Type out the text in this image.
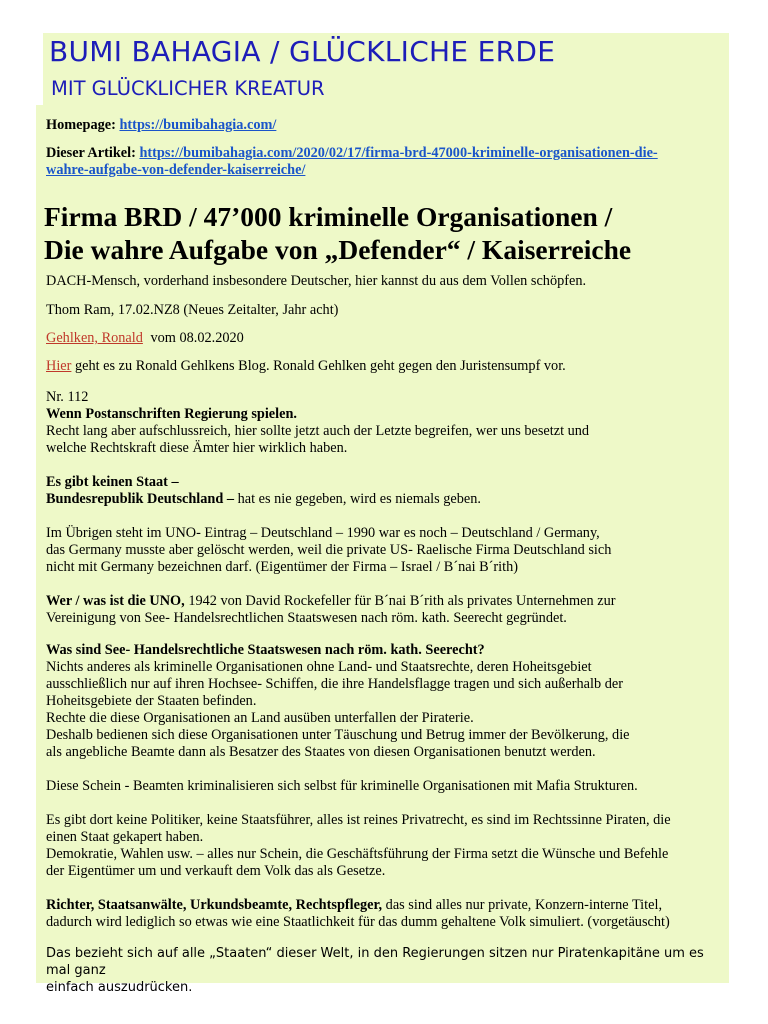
BUMI BAHAGIA / GLÜCKLICHE ERDE
MIT GLÜCKLICHER KREATUR

Homepage: https://bumibahagia.com/

Dieser Artikel: https://bumibahagia.com/2020/02/17/firma-brd-47000-kriminelle-organisationen-die-
wahre-aufgabe-von-defender-kaiserreiche/

Firma BRD / 47’000 kriminelle Organisationen /
Die wahre Aufgabe von „Defender“ / Kaiserreiche

DACH-Mensch, vorderhand insbesondere Deutscher, hier kannst du aus dem Vollen schöpfen.

Thom Ram, 17.02.NZ8 (Neues Zeitalter, Jahr acht)

Gehlken, Ronald vom 08.02.2020

Hier geht es zu Ronald Gehlkens Blog. Ronald Gehlken geht gegen den Juristensumpf vor.

Nr. 112

Wenn Postanschriften Regierung spielen.

Recht lang aber aufschlussreich, hier sollte jetzt auch der Letzte begreifen, wer uns besetzt und
welche Rechtskraft diese Ämter hier wirklich haben.

Es gibt keinen Staat –

Bundesrepublik Deutschland – hat es nie gegeben, wird es niemals geben.

Im Übrigen steht im UNO- Eintrag – Deutschland – 1990 war es noch – Deutschland / Germany,
das Germany musste aber gelöscht werden, weil die private US- Raelische Firma Deutschland sich
nicht mit Germany bezeichnen darf. (Eigentümer der Firma – Israel / B´nai B´rith)

Wer / was ist die UNO, 1942 von David Rockefeller für B´nai B´rith als privates Unternehmen zur
Vereinigung von See- Handelsrechtlichen Staatswesen nach röm. kath. Seerecht gegründet.

Was sind See- Handelsrechtliche Staatswesen nach röm. kath. Seerecht?

Nichts anderes als kriminelle Organisationen ohne Land- und Staatsrechte, deren Hoheitsgebiet
ausschließlich nur auf ihren Hochsee- Schiffen, die ihre Handelsflagge tragen und sich außerhalb der
Hoheitsgebiete der Staaten befinden.
Rechte die diese Organisationen an Land ausüben unterfallen der Piraterie.
Deshalb bedienen sich diese Organisationen unter Täuschung und Betrug immer der Bevölkerung, die
als angebliche Beamte dann als Besatzer des Staates von diesen Organisationen benutzt werden.

Diese Schein - Beamten kriminalisieren sich selbst für kriminelle Organisationen mit Mafia Strukturen.

Es gibt dort keine Politiker, keine Staatsführer, alles ist reines Privatrecht, es sind im Rechtssinne Piraten, die
einen Staat gekapert haben.
Demokratie, Wahlen usw. – alles nur Schein, die Geschäftsführung der Firma setzt die Wünsche und Befehle
der Eigentümer um und verkauft dem Volk das als Gesetze.

Richter, Staatsanwälte, Urkundsbeamte, Rechtspfleger, das sind alles nur private, Konzern-interne Titel,
dadurch wird lediglich so etwas wie eine Staatlichkeit für das dumm gehaltene Volk simuliert. (vorgetäuscht)

Das bezieht sich auf alle „Staaten“ dieser Welt, in den Regierungen sitzen nur Piratenkapitäne um es mal ganz
einfach auszudrücken.
